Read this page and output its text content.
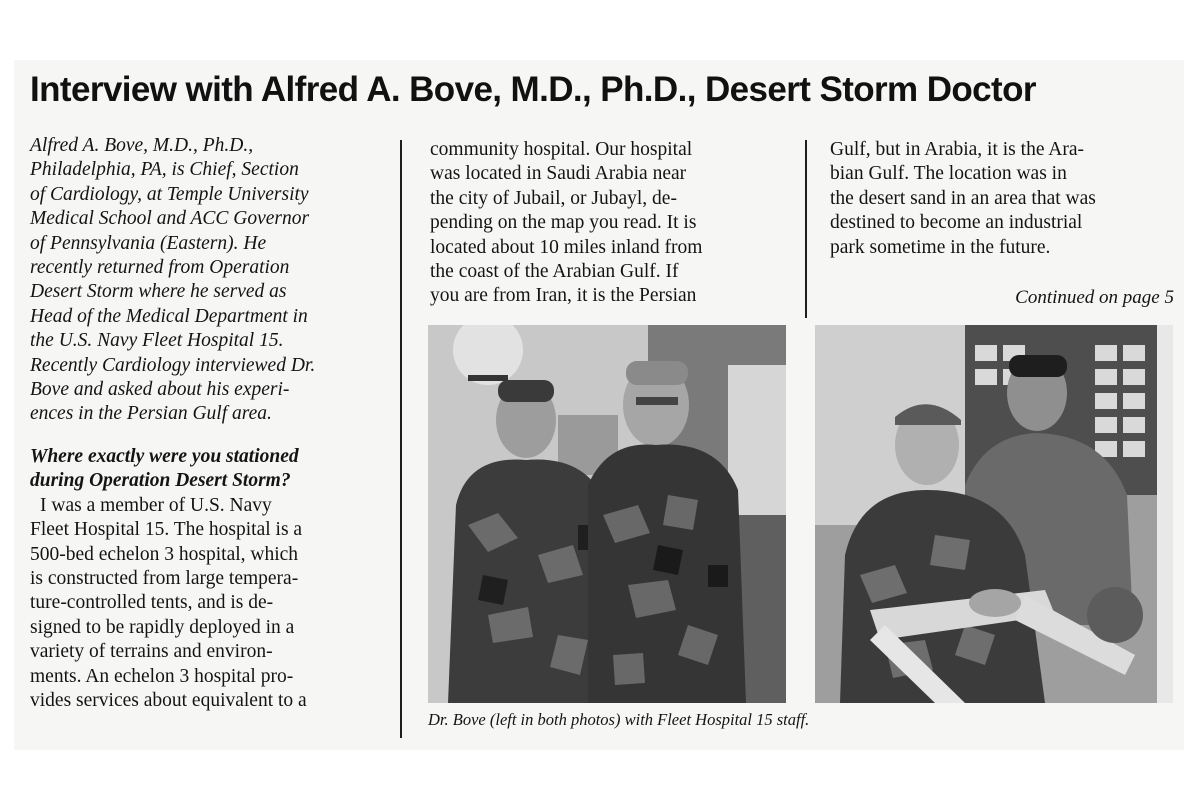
Interview with Alfred A. Bove, M.D., Ph.D., Desert Storm Doctor

Alfred A. Bove, M.D., Ph.D.,

Philadelphia, PA, is Chief, Section

of Cardiology, at Temple University

Medical School and ACC Governor

of Pennsylvania (Eastern). He

recently returned from Operation

Desert Storm where he served as

Head of the Medical Department in

the U.S. Navy Fleet Hospital 15.

Recently Cardiology interviewed Dr.

Bove and asked about his experi-

ences in the Persian Gulf area.

Where exactly were you stationed

during Operation Desert Storm?

I was a member of U.S. Navy

Fleet Hospital 15. The hospital is a

500-bed echelon 3 hospital, which

is constructed from large tempera-

ture-controlled tents, and is de-

signed to be rapidly deployed in a

variety of terrains and environ-

ments. An echelon 3 hospital pro-

vides services about equivalent to a

community hospital. Our hospital

was located in Saudi Arabia near

the city of Jubail, or Jubayl, de-

pending on the map you read. It is

located about 10 miles inland from

the coast of the Arabian Gulf. If

you are from Iran, it is the Persian

Gulf, but in Arabia, it is the Ara-

bian Gulf. The location was in

the desert sand in an area that was

destined to become an industrial

park sometime in the future.

Continued on page 5
Dr. Bove (left in both photos) with Fleet Hospital 15 staff.
